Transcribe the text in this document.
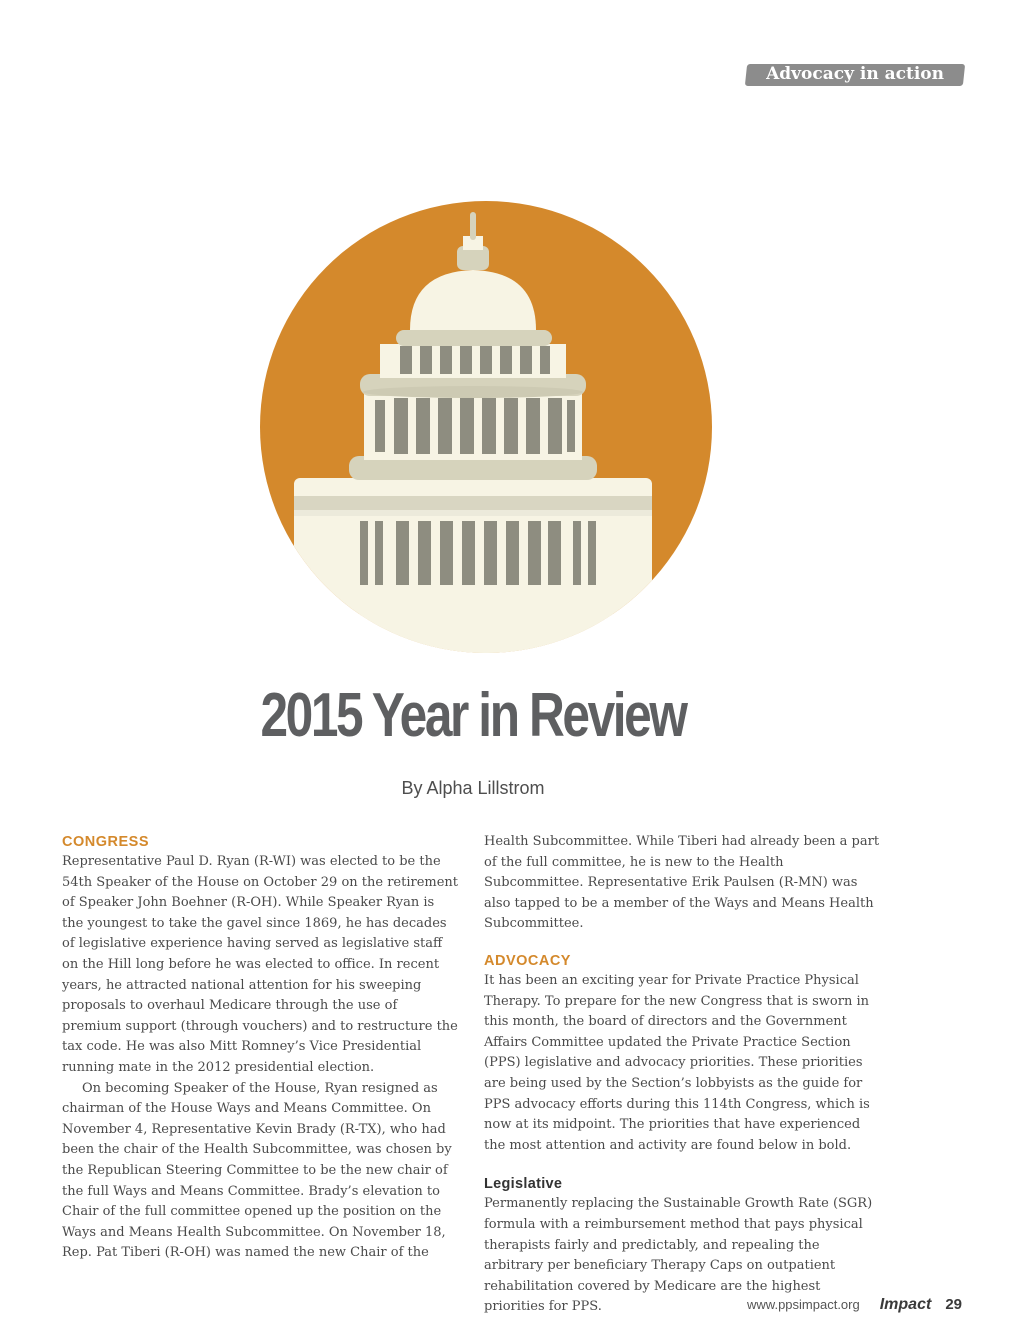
Advocacy in action
2015 Year in Review
By Alpha Lillstrom
CONGRESS

Representative Paul D. Ryan (R-WI) was elected to be the 54th Speaker of the House on October 29 on the retirement of Speaker John Boehner (R-OH). While Speaker Ryan is the youngest to take the gavel since 1869, he has decades of legislative experience having served as legislative staff on the Hill long before he was elected to office. In recent years, he attracted national attention for his sweeping proposals to overhaul Medicare through the use of premium support (through vouchers) and to restructure the tax code. He was also Mitt Romney’s Vice Presidential running mate in the 2012 presidential election.

On becoming Speaker of the House, Ryan resigned as chairman of the House Ways and Means Committee. On November 4, Representative Kevin Brady (R-TX), who had been the chair of the Health Subcommittee, was chosen by the Republican Steering Committee to be the new chair of the full Ways and Means Committee. Brady’s elevation to Chair of the full committee opened up the position on the Ways and Means Health Subcommittee. On November 18, Rep. Pat Tiberi (R-OH) was named the new Chair of the

Health Subcommittee. While Tiberi had already been a part of the full committee, he is new to the Health Subcommittee. Representative Erik Paulsen (R-MN) was also tapped to be a member of the Ways and Means Health Subcommittee.

ADVOCACY

It has been an exciting year for Private Practice Physical Therapy. To prepare for the new Congress that is sworn in this month, the board of directors and the Government Affairs Committee updated the Private Practice Section (PPS) legislative and advocacy priorities. These priorities are being used by the Section’s lobbyists as the guide for PPS advocacy efforts during this 114th Congress, which is now at its midpoint. The priorities that have experienced the most attention and activity are found below in bold.

Legislative

Permanently replacing the Sustainable Growth Rate (SGR) formula with a reimbursement method that pays physical therapists fairly and predictably, and repealing the arbitrary per beneficiary Therapy Caps on outpatient rehabilitation covered by Medicare are the highest priorities for PPS.	www.ppsimpact.org Impact 29
